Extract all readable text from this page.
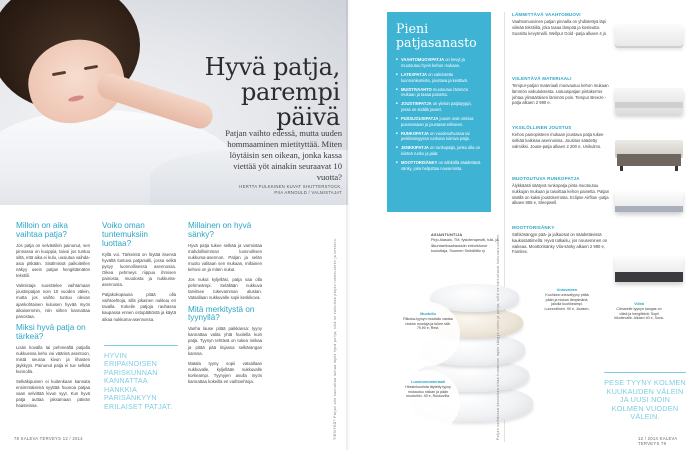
Hyvä patja,
parempi päivä

Patjan vaihto edessä, mutta uuden hommaaminen mietityttää. Miten löytäisin sen oikean, jonka kassa viettää yöt ainakin seuraavat 10 vuotta?

HERTTA PULKKINEN KUVAT SHUTTERSTOCK,
PIIA ARNOULD / VALMISTAJAT
Milloin on aika vaihtaa patja?

Jos patja on selvästikin painunut, sen pinnassa on kuoppia, taivoi jos tuntuu siltä, että aika ei kulu, uusiutua vaihda-asia pitkään. Sisälmissä paikoitellen näkyy usein patjan hengittämätön tekstiili.

Valmistaja suosittelee vaihtamaan joustinpatjan noin 10 vuoden välein, mutta jos vaihto tuntuu olevan ajankohtainen kuluisen hyvää myös aikaisemmin, niin siihen kannattaa panostaa.

Miksi hyvä patja on tärkeä?

Lisäs kovalla tai pehmeällä patjalla nukkuessa keho voi väärinä asentoon, mistä seuraa kivun ja lihasten jäykkyys. Painunut patja ei tue selkää kunnolla.

Selkäkipuinen ei kuitenkaan kannata ensimmäisenä syyttää huonoa patjaa vaan selvittää kivun syyt. Kun hyvä patja auttaa jaksamaan päivän haasteissa.

Voiko oman tuntemuksiin luottaa?

Kyllä voi. Tärkeintä on löytää itsensä hyvältä tuntuva patjamalli, jossa selkä pysyy luonnollisessa asennossa. Oikea pehmeys riippuu ihmisen painosta, muodosta ja nukkuma-asennosta.

Patjakokopausa pitää olla vaihtoehtoja, sillä jokainen nukkuu eri tavalla. Kokeile patjoja rauhassa kaupassa ennen ostopäätöstä ja käytä aikaa nukkuma-asennossa.

HYVIN ERIPAINOISEN PARISKUNNAN KANNATTAA HANKKIA PARISÄNKYYN ERILAISET PATJAT.
Millainen on hyvä sänky?

Hyvä patja tukee selkää ja varmistaa mahdollisimman luonnollisen nukkuma-asennon. Patjan ja selän muoto valitaan sen mukaan, millainen kehosi on ja miten nukut.

Jos nukut kyljelläsi, patja saa olla pehmeämpi. Selällään nukkuva tarvitsee tukevamman alustan. Vatsallaan nukkuvalle sopii keskikova.

Mitä merkitystä on tyynyllä?

Vanha lause pitää paikkansa: tyyny kannattaa valita yhtä huolella kuin patja. Tyynyn tehtävä on tukea niskaa ja pitää pää linjassa selkärangan kanssa.

Matala tyyny sopii vatsallaan nukkuvalle, kyljellään nukkuvalle korkeampi. Tyynyjen avulla myös kannattaa kokeilla eri vaihtoehtoja.	TIESITKÖ? Patjan alle kannattaa laittaa myös hyvä pohja, sillä se vaikuttaa patjan tukevuuteen ja kestoon.
78 KALEVA TERVEYS 12 / 2014
Pieni
patjasanasto
■ VAAHTOMUOVIPATJA on kevyt ja muotoutuu hyvin kehon mukaan.
■ LATEXPATJA on valmistettu luonnonkumista, joustava ja kestävä.
■ MUISTIVAAHTO muotoutuu lämmön mukaan ja tasaa painetta.
■ JOUSTINPATJA on yleisin patjatyyppi, jossa on sisällä jouset.
■ PUSSIJOUSIPATJA jouset ovat omissa pusseissaan ja joustavat erikseen.
■ RUNKOPATJA on vuodesohvassa tai jenkkisängyssä runkona toimiva patja.
■ JENKKIPATJA on runkopatja, jonka alla on kiinteä runko ja jalat.
■ MOOTTORISÄNKY on sähköllä säädettävä sänky, joka helpottaa nousemista.
LÄMMITTÄVÄ VAAHTOMUOVI

Vaahtomuovinen patjan pinnalla on yhdistettyä läpi viileää tekstiiliä, joka tasaa lämpöä ja kosteutta. Suosittu kevytmalli. Wellpur Gold -patja alkaen 4 jn.

VIILENTÄVÄ MATERIAALI

Tempur-patjan materiaali muovautuu kehon mukaan lämmön vaikutuksesta. Uutuuspatjan pintakerros johtaa ylimääräisen lämmön pois. Tempur Breeze -patja alkaen 2 990 e.

YKSILÖLLINEN JOUSTUS

Kehon painopisteen mukaan joustava patja tukee selkää kaikissa asennoissa. Jousitus säädetty valmiiksi. Jouse-patja alkaen 2 200 e, Unikulmo.

MUOTOUTUVA RUNKOPATJA

Älykkäästi säätyvä runkopatja pinta muotoutuu nukkujan mukaan ja tasoittaa kehon painetta. Patjan sisällä on kaksi joustokerrosta. Eclipse Airflow -patja alkaen 855 e, Sleepwell.

MOOTTORISÄNKY

Sähkösängyn pää- ja jalkaosat on säädettävissä kaukosäätimellä. Hyvä ratkaisu, jos nouseminen on vaikeaa. Moottorisänky Vila-sänky alkaen 2 990 e, Famitex.

ASIANTUNTIJA
Pirjo Alasalo, TM, fysioterapeutti, tuki- ja liikuntaelinsairauksiin erikoistunut kouluttaja, Suomen Selkäliitto ry
Muotoilu

Riikoka-tyynyn muotoilu vastaa niskan muotoja ja tukee sitä. 79,90 e, Rest.

Untuvainen

Kuohkea untuvatyyny pitää pään ja niskan lämpimänä, jaloilla kuohkeampi. Luonnollinen. 90 e, Joutsen.

Viileä

Climarelle-tyynyn kangas on viileä ja hengittävä. Sopii hikoilevalle. Alkaen 40 e, Sova.

Luonnonmateriaali

Hirssinkuorista täytetty tyyny mukautuu niskan ja pään muotoihin. 45 e, Ruskovilla.

PESE TYYNY KOLMEN KUUKAUDEN VÄLEIN JA UUSI NOIN KOLMEN VUODEN VÄLEIN.
Patjan vaihdossa kannattaa ottaa huomioon myös sängyn runko ja pohja, sillä ne vaikuttavat kokonaisuuteen.	12 / 2014 KALEVA TERVEYS 79
